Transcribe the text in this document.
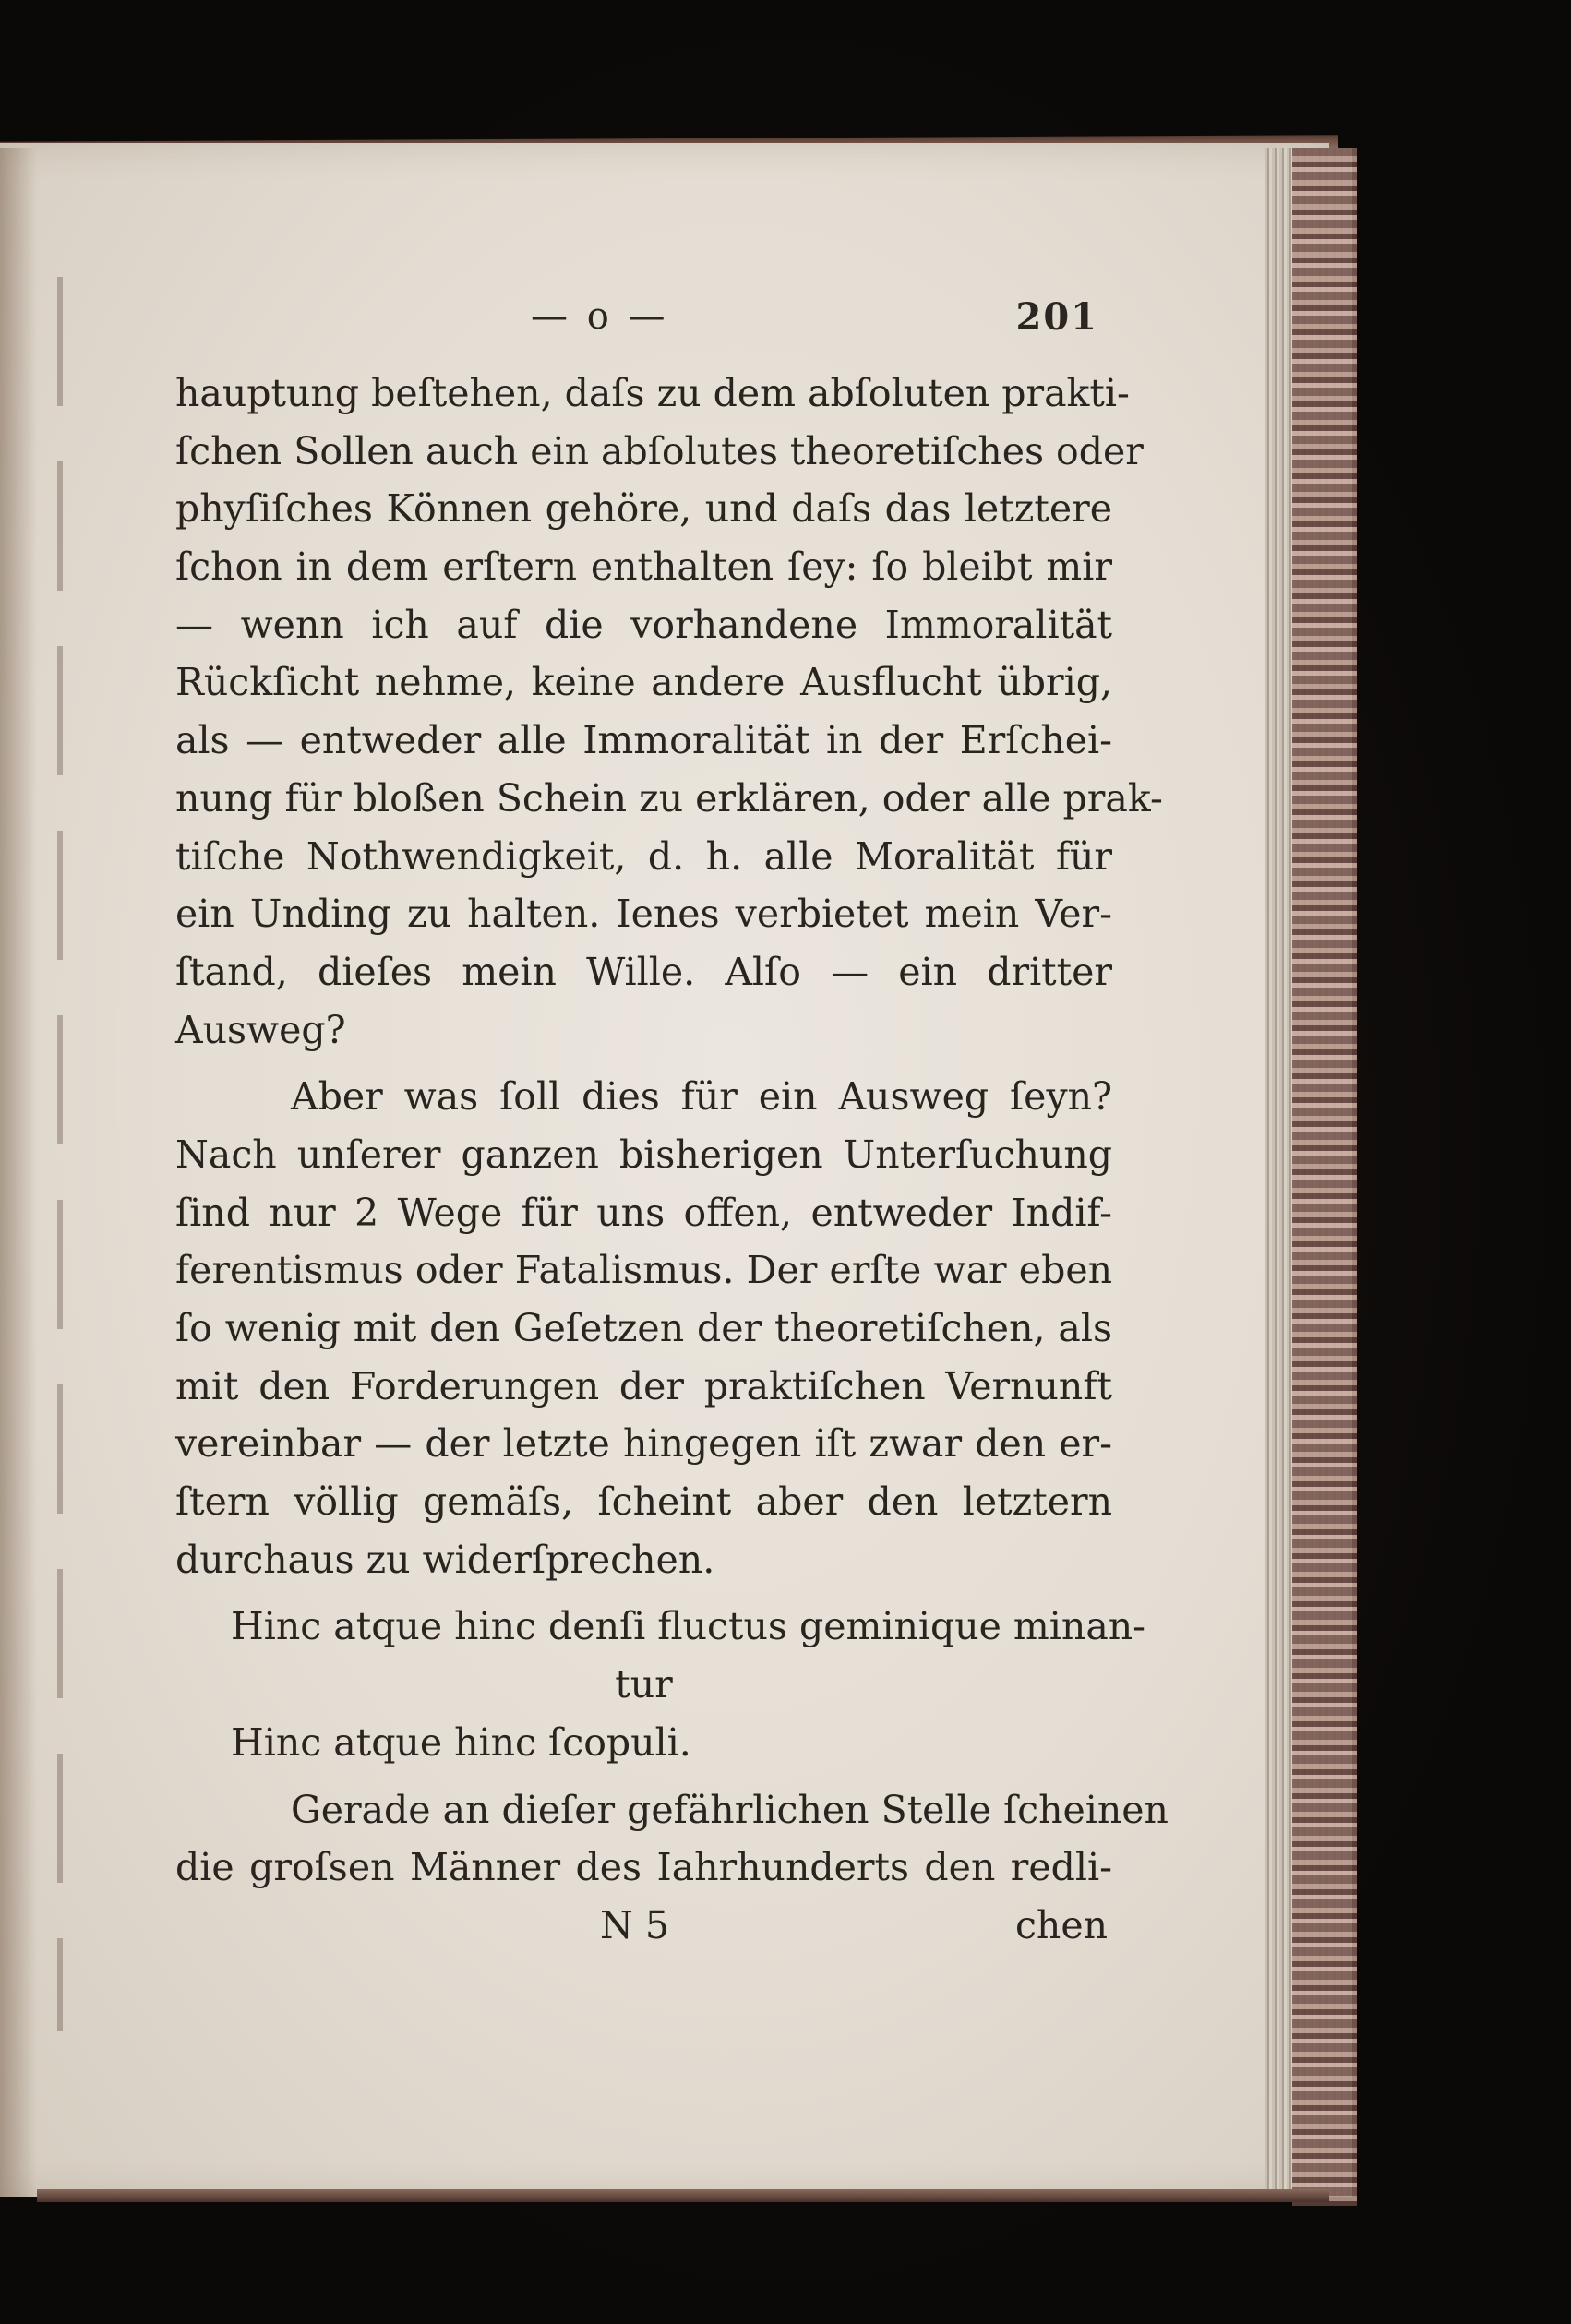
— o —	201
hauptung beſtehen, daſs zu dem abſoluten prakti-
ſchen Sollen auch ein abſolutes theoretiſches oder
phyſiſches Können gehöre, und daſs das letztere
ſchon in dem erſtern enthalten ſey: ſo bleibt mir
— wenn ich auf die vorhandene Immoralität
Rückſicht nehme, keine andere Ausflucht übrig,
als — entweder alle Immoralität in der Erſchei-
nung für bloßen Schein zu erklären, oder alle prak-
tiſche Nothwendigkeit, d. h. alle Moralität für
ein Unding zu halten. Ienes verbietet mein Ver-
ſtand, dieſes mein Wille. Alſo — ein dritter
Ausweg?
Aber was ſoll dies für ein Ausweg ſeyn?
Nach unſerer ganzen bisherigen Unterſuchung
ſind nur 2 Wege für uns offen, entweder Indif-
ferentismus oder Fatalismus. Der erſte war eben
ſo wenig mit den Geſetzen der theoretiſchen, als
mit den Forderungen der praktiſchen Vernunft
vereinbar — der letzte hingegen iſt zwar den er-
ſtern völlig gemäſs, ſcheint aber den letztern
durchaus zu widerſprechen.
Hinc atque hinc denſi fluctus geminique minan-
tur
Hinc atque hinc ſcopuli.
Gerade an dieſer gefährlichen Stelle ſcheinen
die groſsen Männer des Iahrhunderts den redli-
N 5	chen
